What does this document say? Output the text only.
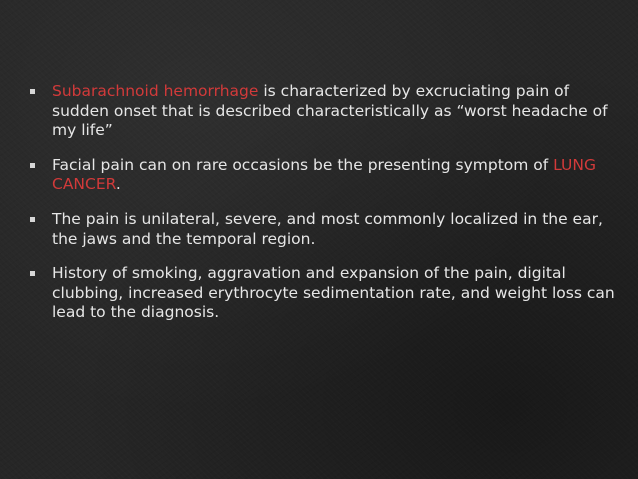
Subarachnoid hemorrhage is characterized by excruciating pain of sudden onset that is described characteristically as “worst headache of my life”
Facial pain can on rare occasions be the presenting symptom of LUNG CANCER.
The pain is unilateral, severe, and most commonly localized in the ear, the jaws and the temporal region.
History of smoking, aggravation and expansion of the pain, digital clubbing, increased erythrocyte sedimentation rate, and weight loss can lead to the diagnosis.
